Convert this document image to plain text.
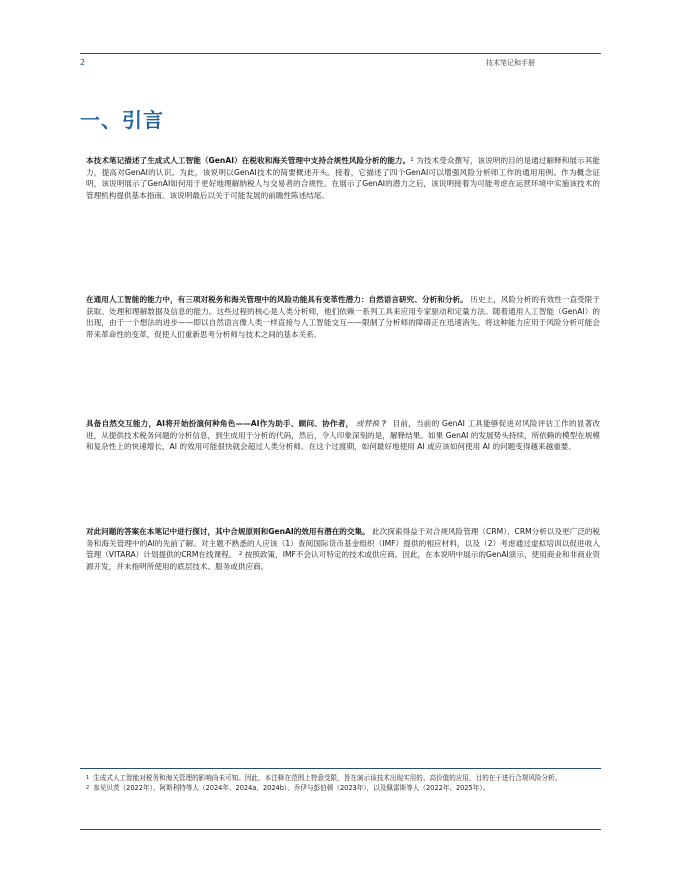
2	技术笔记和手册
一、引言

本技术笔记描述了生成式人工智能（GenAI）在税收和海关管理中支持合规性风险分析的能力。$^1$ 为技术受众撰写，该说明的目的是通过解释和展示其能力，提高对GenAI的认识。为此，该说明以GenAI技术的简要概述开头。接着，它描述了四个GenAI可以增强风险分析师工作的通用用例。作为概念证明，该说明展示了GenAI如何用于更好地理解纳税人与交易者的合规性。在展示了GenAI的潜力之后，该说明接着为可能考虑在运营环境中实施该技术的管理机构提供基本指南。该说明最后以关于可能发展的前瞻性陈述结尾。

在通用人工智能的能力中，有三项对税务和海关管理中的风险功能具有变革性潜力：自然语言研究、分析和分析。 历史上，风险分析的有效性一直受限于获取、处理和理解数据及信息的能力。这些过程的核心是人类分析师，他们依赖一系列工具来应用专家驱动和定量方法。随着通用人工智能（GenAI）的出现，由于一个想法的进步——即以自然语言像人类一样直接与人工智能交互——限制了分析师的障碍正在迅速消失。将这种能力应用于风险分析可能会带来革命性的变革，促使人们重新思考分析师与技术之间的基本关系。

具备自然交互能力，AI将开始扮演何种角色——AI作为助手、顾问、协作者， 或替换 ？ 目前，当前的 GenAI 工具能够促进对风险评估工作的显著改进，从提供技术税务问题的分析信息，到生成用于分析的代码，然后，令人印象深刻的是，解释结果。如果 GenAI 的发展势头持续，所依赖的模型在规模和复杂性上的快速增长，AI 的效用可能很快就会超过人类分析师。在这个过渡期，如何最好地使用 AI 或应该如何使用 AI 的问题变得越来越重要。

对此问题的答案在本笔记中进行探讨，其中合规原则和GenAI的效用有潜在的交集。 此次探索得益于对合规风险管理（CRM）、CRM分析以及更广泛的税务和海关管理中的AI的先前了解。对主题不熟悉的人应该（1）查阅国际货币基金组织（IMF）提供的相应材料，以及（2）考虑通过虚拟培训以促进收入管理（VITARA）计划提供的CRM在线课程。 $^2$ 按照政策，IMF不会认可特定的技术或供应商。因此，在本说明中展示的GenAI演示，使用商业和非商业资源开发，并未指明所使用的底层技术、服务或供应商。

$^1$ 生成式人工智能对税务和海关管理的影响尚未可知。因此，本注释在范围上特意受限，旨在演示该技术出现实用的、高价值的应用，目的在于进行合规风险分析。

$^2$ 参见贝茨（2022年）、阿斯利特等人（2024年、2024a、2024b）、乔伊与彭伯顿（2023年），以及佩雷斯等人（2022年、2025年）。
